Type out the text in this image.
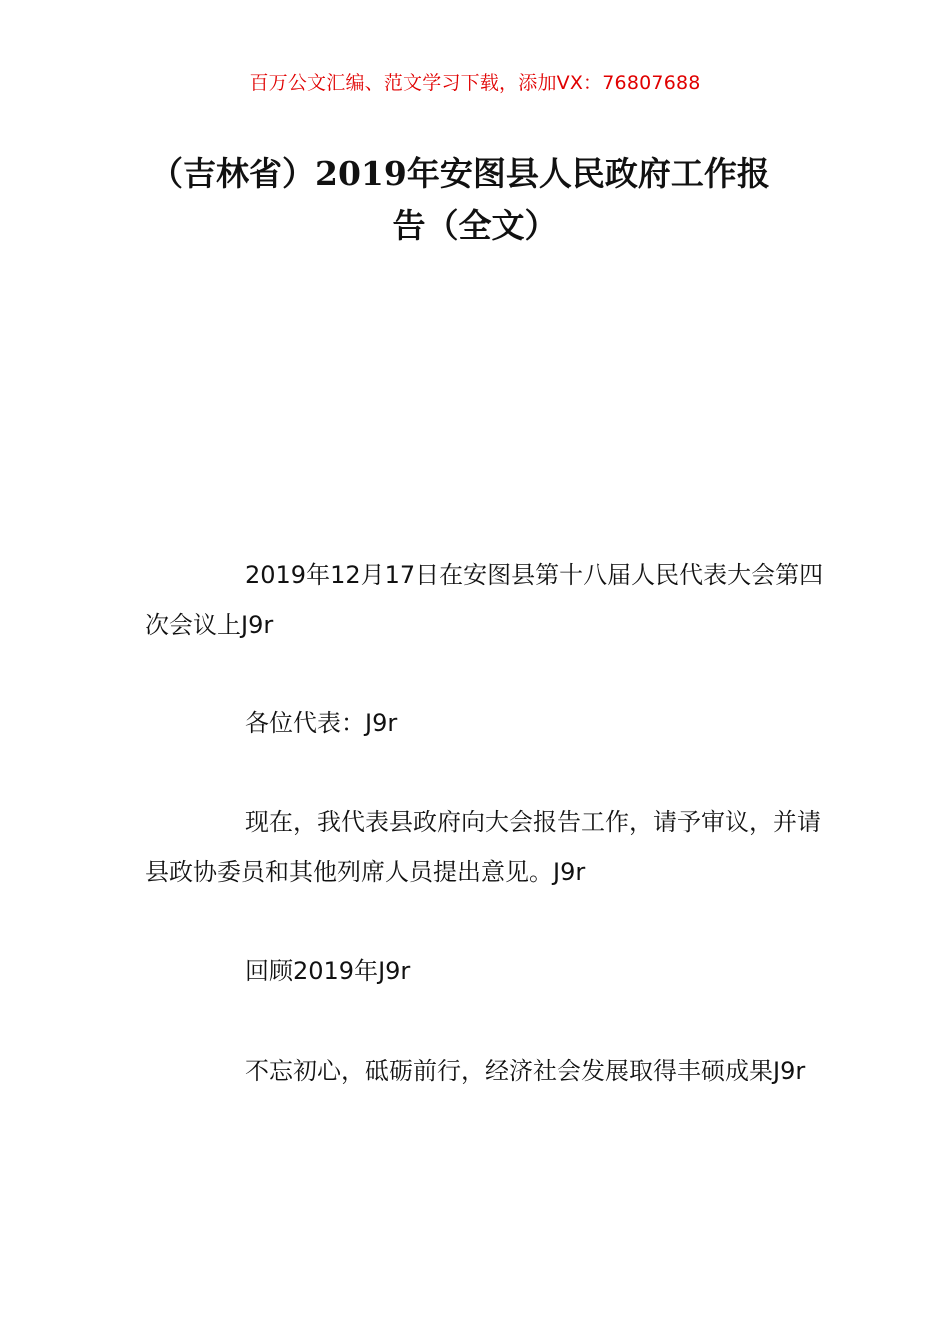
百万公文汇编、范文学习下载，添加VX：76807688
（吉林省）2019年安图县人民政府工作报
告（全文）
2019年12月17日在安图县第十八届人民代表大会第四次会议上J9r
各位代表：J9r
现在，我代表县政府向大会报告工作，请予审议，并请县政协委员和其他列席人员提出意见。J9r
回顾2019年J9r
不忘初心，砥砺前行，经济社会发展取得丰硕成果J9r
